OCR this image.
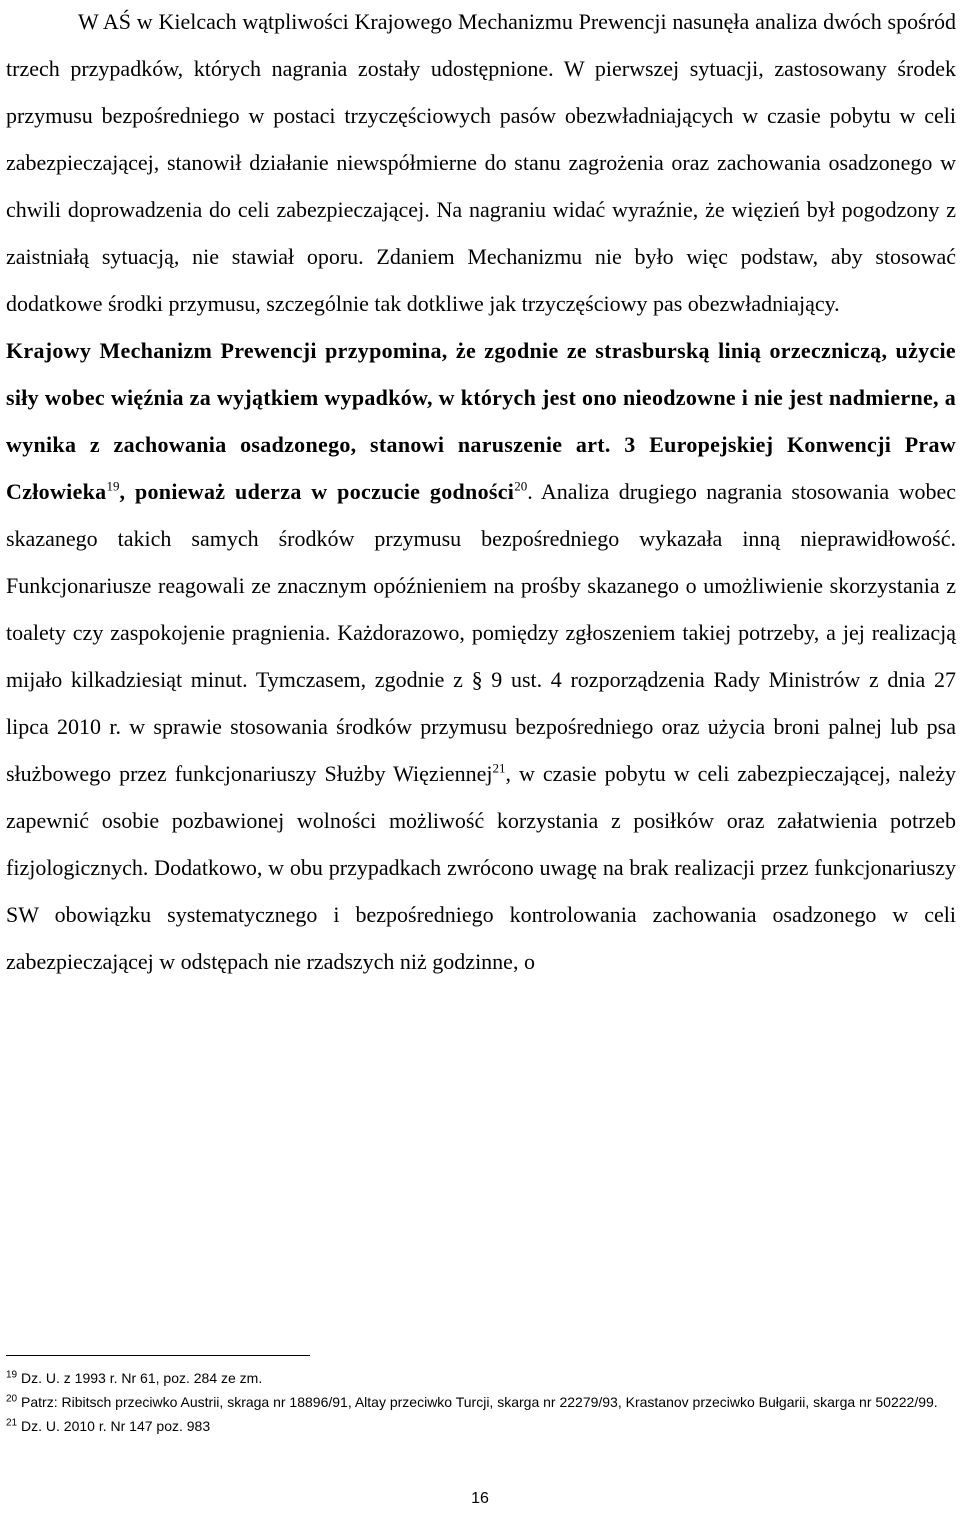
W AŚ w Kielcach wątpliwości Krajowego Mechanizmu Prewencji nasunęła analiza dwóch spośród trzech przypadków, których nagrania zostały udostępnione. W pierwszej sytuacji, zastosowany środek przymusu bezpośredniego w postaci trzyczęściowych pasów obezwładniających w czasie pobytu w celi zabezpieczającej, stanowił działanie niewspółmierne do stanu zagrożenia oraz zachowania osadzonego w chwili doprowadzenia do celi zabezpieczającej. Na nagraniu widać wyraźnie, że więzień był pogodzony z zaistniałą sytuacją, nie stawiał oporu. Zdaniem Mechanizmu nie było więc podstaw, aby stosować dodatkowe środki przymusu, szczególnie tak dotkliwe jak trzyczęściowy pas obezwładniający.
Krajowy Mechanizm Prewencji przypomina, że zgodnie ze strasburską linią orzeczniczą, użycie siły wobec więźnia za wyjątkiem wypadków, w których jest ono nieodzowne i nie jest nadmierne, a wynika z zachowania osadzonego, stanowi naruszenie art. 3 Europejskiej Konwencji Praw Człowieka$^{19}$, ponieważ uderza w poczucie godności$^{20}$. Analiza drugiego nagrania stosowania wobec skazanego takich samych środków przymusu bezpośredniego wykazała inną nieprawidłowość. Funkcjonariusze reagowali ze znacznym opóźnieniem na prośby skazanego o umożliwienie skorzystania z toalety czy zaspokojenie pragnienia. Każdorazowo, pomiędzy zgłoszeniem takiej potrzeby, a jej realizacją mijało kilkadziesiąt minut. Tymczasem, zgodnie z § 9 ust. 4 rozporządzenia Rady Ministrów z dnia 27 lipca 2010 r. w sprawie stosowania środków przymusu bezpośredniego oraz użycia broni palnej lub psa służbowego przez funkcjonariuszy Służby Więziennej$^{21}$, w czasie pobytu w celi zabezpieczającej, należy zapewnić osobie pozbawionej wolności możliwość korzystania z posiłków oraz załatwienia potrzeb fizjologicznych. Dodatkowo, w obu przypadkach zwrócono uwagę na brak realizacji przez funkcjonariuszy SW obowiązku systematycznego i bezpośredniego kontrolowania zachowania osadzonego w celi zabezpieczającej w odstępach nie rzadszych niż godzinne, o

$^{19}$ Dz. U. z 1993 r. Nr 61, poz. 284 ze zm.

$^{20}$ Patrz: Ribitsch przeciwko Austrii, skraga nr 18896/91, Altay przeciwko Turcji, skarga nr 22279/93, Krastanov przeciwko Bułgarii, skarga nr 50222/99.

$^{21}$ Dz. U. 2010 r. Nr 147 poz. 983

16
